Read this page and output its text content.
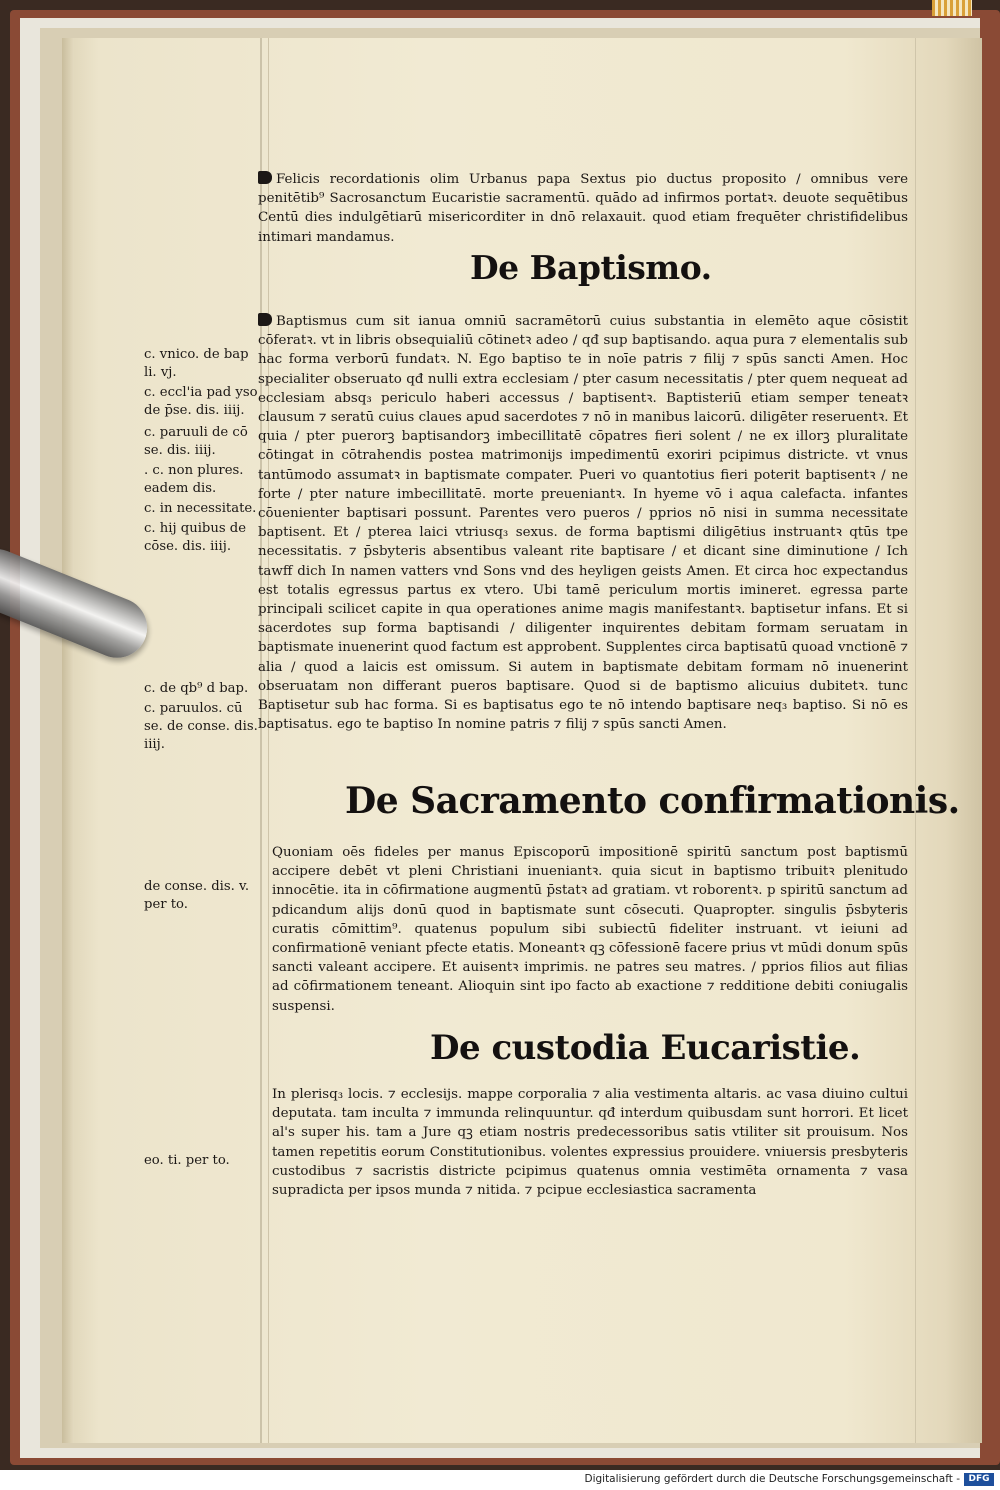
Felicis recordationis olim Urbanus papa Sextus pio ductus proposito / omnibus vere penitētib⁹ Sacrosanctum Eucaristie sacramentū. quādo ad infirmos portatꝛ. deuote sequētibus Centū dies indulgētiarū misericorditer in dnō relaxauit. quod etiam frequēter christifidelibus intimari mandamus.
De Baptismo.
Baptismus cum sit ianua omniū sacramētorū cuius substantia in elemēto aque cōsistit cōferatꝛ. vt in libris obsequialiū cōtinetꝛ adeo / qđ sup baptisando. aqua pura ⁊ elementalis sub hac forma verborū fundatꝛ. N. Ego baptiso te in noīe patris ⁊ filij ⁊ spūs sancti Amen. Hoc specialiter obseruato qđ nulli extra ecclesiam / pter casum necessitatis / pter quem nequeat ad ecclesiam absq₃ periculo haberi accessus / baptisentꝛ. Baptisteriū etiam semper teneatꝛ clausum ⁊ seratū cuius claues apud sacerdotes ⁊ nō in manibus laicorū. diligēter reseruentꝛ. Et quia / pter puerorꝫ baptisandorꝫ imbecillitatē cōpatres fieri solent / ne ex illorꝫ pluralitate cōtingat in cōtrahendis postea matrimonijs impedimentū exoriri pcipimus districte. vt vnus tantūmodo assumatꝛ in baptismate compater. Pueri vo quantotius fieri poterit baptisentꝛ / ne forte / pter nature imbecillitatē. morte preueniantꝛ. In hyeme vō i aqua calefacta. infantes cōuenienter baptisari possunt. Parentes vero pueros / pprios nō nisi in summa necessitate baptisent. Et / pterea laici vtriusq₃ sexus. de forma baptismi diligētius instruantꝛ qtūs tpe necessitatis. ⁊ p̄sbyteris absentibus valeant rite baptisare / et dicant sine diminutione / Ich tawff dich In namen vatters vnd Sons vnd des heyligen geists Amen. Et circa hoc expectandus est totalis egressus partus ex vtero. Ubi tamē periculum mortis imineret. egressa parte principali scilicet capite in qua operationes anime magis manifestantꝛ. baptisetur infans. Et si sacerdotes sup forma baptisandi / diligenter inquirentes debitam formam seruatam in baptismate inuenerint quod factum est approbent. Supplentes circa baptisatū quoad vnctionē ⁊ alia / quod a laicis est omissum. Si autem in baptismate debitam formam nō inuenerint obseruatam non differant pueros baptisare. Quod si de baptismo alicuius dubitetꝛ. tunc Baptisetur sub hac forma. Si es baptisatus ego te nō intendo baptisare neq₃ baptiso. Si nō es baptisatus. ego te baptiso In nomine patris ⁊ filij ⁊ spūs sancti Amen.
De Sacramento confirmationis.
Quoniam oēs fideles per manus Episcoporū impositionē spiritū sanctum post baptismū accipere debēt vt pleni Christiani inueniantꝛ. quia sicut in baptismo tribuitꝛ plenitudo innocētie. ita in cōfirmatione augmentū p̄statꝛ ad gratiam. vt roborentꝛ. p spiritū sanctum ad pdicandum alijs donū quod in baptismate sunt cōsecuti. Quapropter. singulis p̄sbyteris curatis cōmittim⁹. quatenus populum sibi subiectū fideliter instruant. vt ieiuni ad confirmationē veniant pfecte etatis. Moneantꝛ qꝫ cōfessionē facere prius vt mūdi donum spūs sancti valeant accipere. Et auisentꝛ imprimis. ne patres seu matres. / pprios filios aut filias ad cōfirmationem teneant. Alioquin sint ipo facto ab exactione ⁊ redditione debiti coniugalis suspensi.
De custodia Eucaristie.
In plerisq₃ locis. ⁊ ecclesijs. mappe corporalia ⁊ alia vestimenta altaris. ac vasa diuino cultui deputata. tam inculta ⁊ immunda relinquuntur. qđ interdum quibusdam sunt horrori. Et licet al's super his. tam a Jure qꝫ etiam nostris predecessoribus satis vtiliter sit prouisum. Nos tamen repetitis eorum Constitutionibus. volentes expressius prouidere. vniuersis presbyteris custodibus ⁊ sacristis districte pcipimus quatenus omnia vestimēta ornamenta ⁊ vasa supradicta per ipsos munda ⁊ nitida. ⁊ pcipue ecclesiastica sacramenta
c. vnico. de bap li. vj.
c. eccl'ia pad yso de p̄se. dis. iiij.
c. paruuli de cō se. dis. iiij.
. c. non plures. eadem dis.
c. in necessitate.
c. hij quibus de cōse. dis. iiij.
c. de qb⁹ d bap.
c. paruulos. cū se. de conse. dis. iiij.
de conse. dis. v. per to.
eo. ti. per to.
Digitalisierung gefördert durch die Deutsche Forschungsgemeinschaft - DFG
